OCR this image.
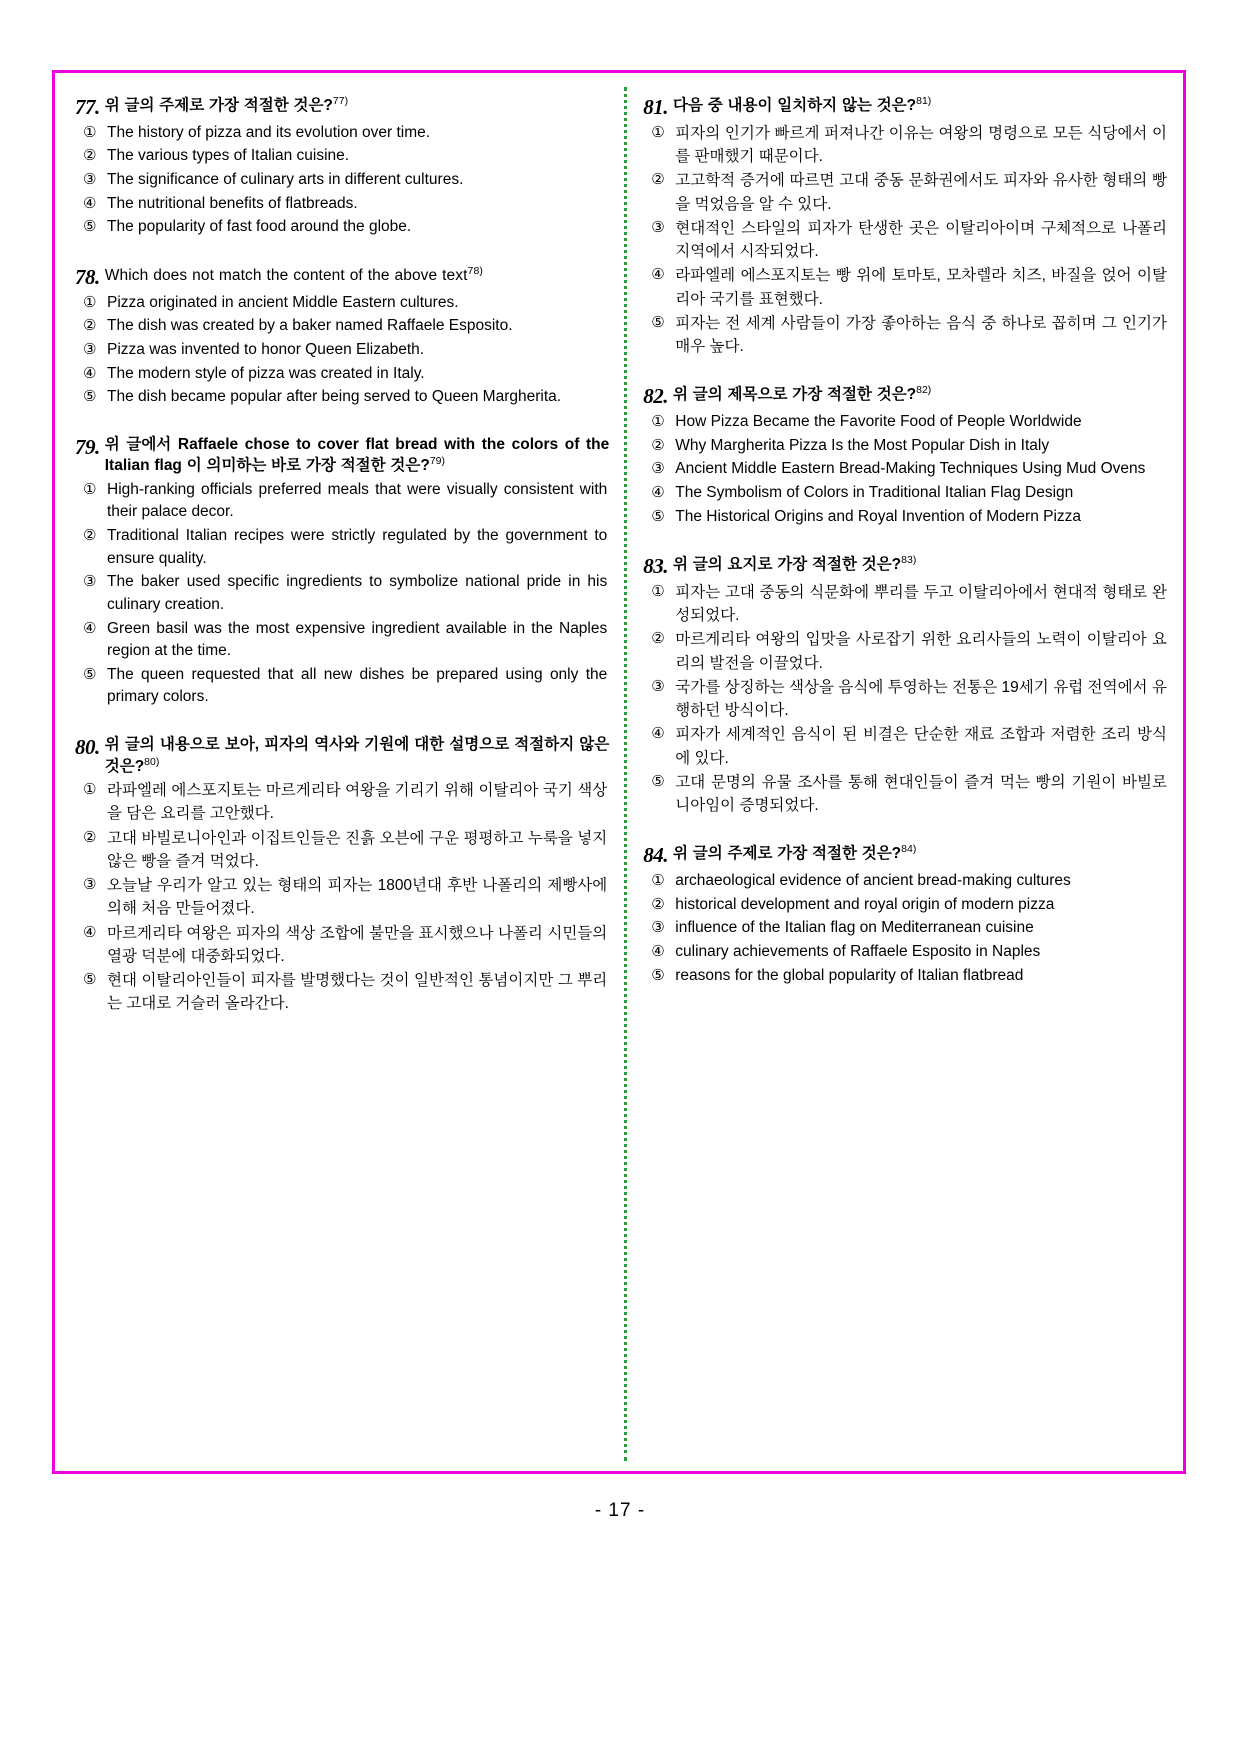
77. 위 글의 주제로 가장 적절한 것은?$^{77)}$
① The history of pizza and its evolution over time.
② The various types of Italian cuisine.
③ The significance of culinary arts in different cultures.
④ The nutritional benefits of flatbreads.
⑤ The popularity of fast food around the globe.
78. Which does not match the content of the above text$^{78)}$
① Pizza originated in ancient Middle Eastern cultures.
② The dish was created by a baker named Raffaele Esposito.
③ Pizza was invented to honor Queen Elizabeth.
④ The modern style of pizza was created in Italy.
⑤ The dish became popular after being served to Queen Margherita.
79. 위 글에서 Raffaele chose to cover flat bread with the colors of the Italian flag 이 의미하는 바로 가장 적절한 것은?$^{79)}$
① High-ranking officials preferred meals that were visually consistent with their palace decor.
② Traditional Italian recipes were strictly regulated by the government to ensure quality.
③ The baker used specific ingredients to symbolize national pride in his culinary creation.
④ Green basil was the most expensive ingredient available in the Naples region at the time.
⑤ The queen requested that all new dishes be prepared using only the primary colors.
80. 위 글의 내용으로 보아, 피자의 역사와 기원에 대한 설명으로 적절하지 않은 것은?$^{80)}$
① 라파엘레 에스포지토는 마르게리타 여왕을 기리기 위해 이탈리아 국기 색상을 담은 요리를 고안했다.
② 고대 바빌로니아인과 이집트인들은 진흙 오븐에 구운 평평하고 누룩을 넣지 않은 빵을 즐겨 먹었다.
③ 오늘날 우리가 알고 있는 형태의 피자는 1800년대 후반 나폴리의 제빵사에 의해 처음 만들어졌다.
④ 마르게리타 여왕은 피자의 색상 조합에 불만을 표시했으나 나폴리 시민들의 열광 덕분에 대중화되었다.
⑤ 현대 이탈리아인들이 피자를 발명했다는 것이 일반적인 통념이지만 그 뿌리는 고대로 거슬러 올라간다.
81. 다음 중 내용이 일치하지 않는 것은?$^{81)}$
① 피자의 인기가 빠르게 퍼져나간 이유는 여왕의 명령으로 모든 식당에서 이를 판매했기 때문이다.
② 고고학적 증거에 따르면 고대 중동 문화권에서도 피자와 유사한 형태의 빵을 먹었음을 알 수 있다.
③ 현대적인 스타일의 피자가 탄생한 곳은 이탈리아이며 구체적으로 나폴리 지역에서 시작되었다.
④ 라파엘레 에스포지토는 빵 위에 토마토, 모차렐라 치즈, 바질을 얹어 이탈리아 국기를 표현했다.
⑤ 피자는 전 세계 사람들이 가장 좋아하는 음식 중 하나로 꼽히며 그 인기가 매우 높다.
82. 위 글의 제목으로 가장 적절한 것은?$^{82)}$
① How Pizza Became the Favorite Food of People Worldwide
② Why Margherita Pizza Is the Most Popular Dish in Italy
③ Ancient Middle Eastern Bread-Making Techniques Using Mud Ovens
④ The Symbolism of Colors in Traditional Italian Flag Design
⑤ The Historical Origins and Royal Invention of Modern Pizza
83. 위 글의 요지로 가장 적절한 것은?$^{83)}$
① 피자는 고대 중동의 식문화에 뿌리를 두고 이탈리아에서 현대적 형태로 완성되었다.
② 마르게리타 여왕의 입맛을 사로잡기 위한 요리사들의 노력이 이탈리아 요리의 발전을 이끌었다.
③ 국가를 상징하는 색상을 음식에 투영하는 전통은 19세기 유럽 전역에서 유행하던 방식이다.
④ 피자가 세계적인 음식이 된 비결은 단순한 재료 조합과 저렴한 조리 방식에 있다.
⑤ 고대 문명의 유물 조사를 통해 현대인들이 즐겨 먹는 빵의 기원이 바빌로니아임이 증명되었다.
84. 위 글의 주제로 가장 적절한 것은?$^{84)}$
① archaeological evidence of ancient bread-making cultures
② historical development and royal origin of modern pizza
③ influence of the Italian flag on Mediterranean cuisine
④ culinary achievements of Raffaele Esposito in Naples
⑤ reasons for the global popularity of Italian flatbread
- 17 -
